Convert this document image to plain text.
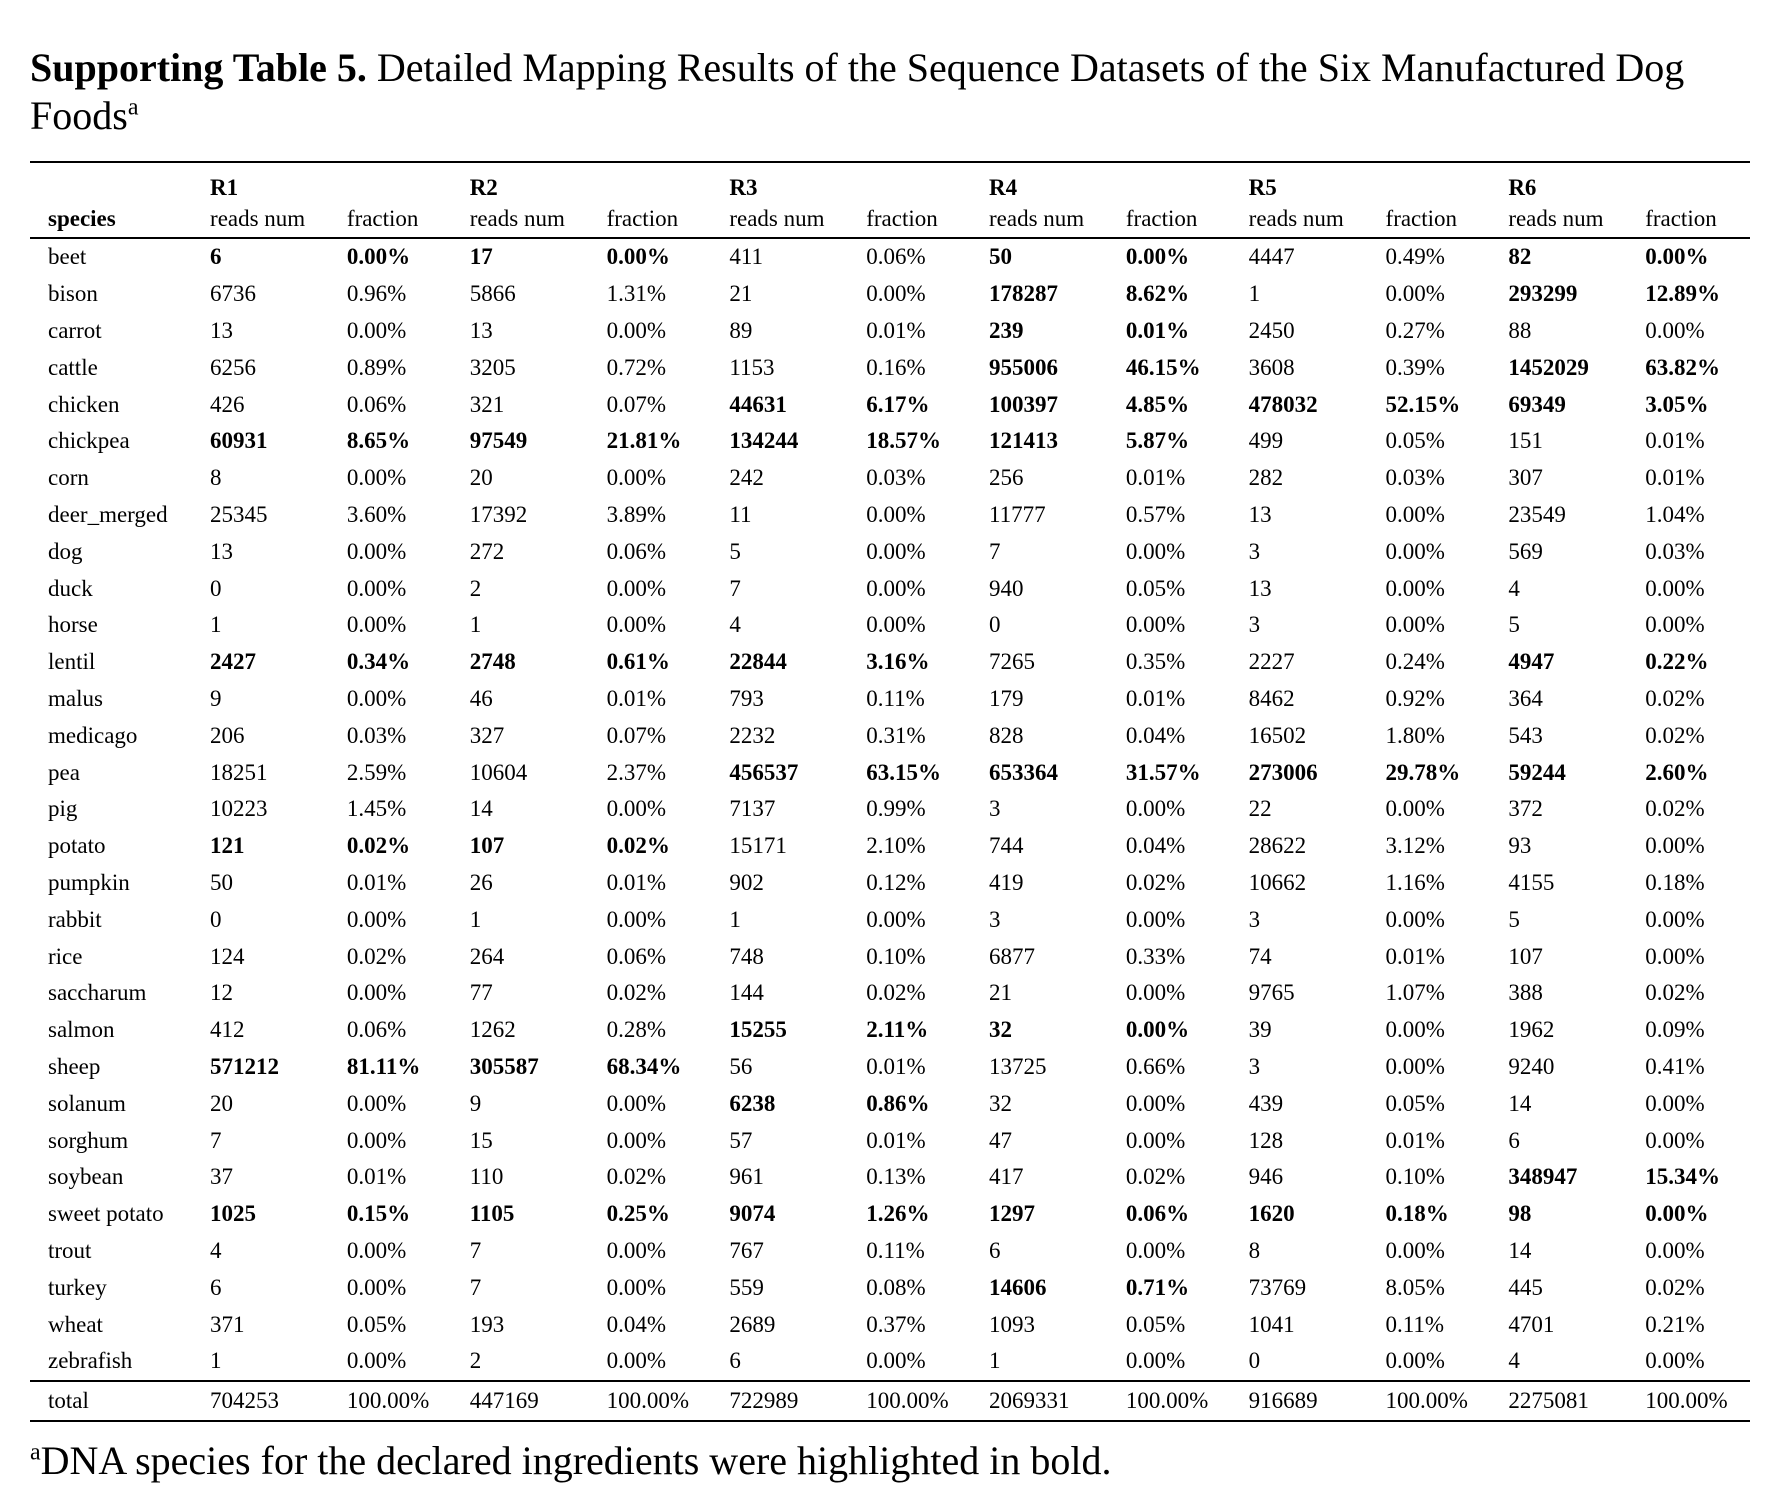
Supporting Table 5. Detailed Mapping Results of the Sequence Datasets of the Six Manufactured Dog Foods$^a$
	R1		R2		R3		R4		R5		R6	
species	reads num	fraction	reads num	fraction	reads num	fraction	reads num	fraction	reads num	fraction	reads num	fraction
beet	6	0.00%	17	0.00%	411	0.06%	50	0.00%	4447	0.49%	82	0.00%
bison	6736	0.96%	5866	1.31%	21	0.00%	178287	8.62%	1	0.00%	293299	12.89%
carrot	13	0.00%	13	0.00%	89	0.01%	239	0.01%	2450	0.27%	88	0.00%
cattle	6256	0.89%	3205	0.72%	1153	0.16%	955006	46.15%	3608	0.39%	1452029	63.82%
chicken	426	0.06%	321	0.07%	44631	6.17%	100397	4.85%	478032	52.15%	69349	3.05%
chickpea	60931	8.65%	97549	21.81%	134244	18.57%	121413	5.87%	499	0.05%	151	0.01%
corn	8	0.00%	20	0.00%	242	0.03%	256	0.01%	282	0.03%	307	0.01%
deer_merged	25345	3.60%	17392	3.89%	11	0.00%	11777	0.57%	13	0.00%	23549	1.04%
dog	13	0.00%	272	0.06%	5	0.00%	7	0.00%	3	0.00%	569	0.03%
duck	0	0.00%	2	0.00%	7	0.00%	940	0.05%	13	0.00%	4	0.00%
horse	1	0.00%	1	0.00%	4	0.00%	0	0.00%	3	0.00%	5	0.00%
lentil	2427	0.34%	2748	0.61%	22844	3.16%	7265	0.35%	2227	0.24%	4947	0.22%
malus	9	0.00%	46	0.01%	793	0.11%	179	0.01%	8462	0.92%	364	0.02%
medicago	206	0.03%	327	0.07%	2232	0.31%	828	0.04%	16502	1.80%	543	0.02%
pea	18251	2.59%	10604	2.37%	456537	63.15%	653364	31.57%	273006	29.78%	59244	2.60%
pig	10223	1.45%	14	0.00%	7137	0.99%	3	0.00%	22	0.00%	372	0.02%
potato	121	0.02%	107	0.02%	15171	2.10%	744	0.04%	28622	3.12%	93	0.00%
pumpkin	50	0.01%	26	0.01%	902	0.12%	419	0.02%	10662	1.16%	4155	0.18%
rabbit	0	0.00%	1	0.00%	1	0.00%	3	0.00%	3	0.00%	5	0.00%
rice	124	0.02%	264	0.06%	748	0.10%	6877	0.33%	74	0.01%	107	0.00%
saccharum	12	0.00%	77	0.02%	144	0.02%	21	0.00%	9765	1.07%	388	0.02%
salmon	412	0.06%	1262	0.28%	15255	2.11%	32	0.00%	39	0.00%	1962	0.09%
sheep	571212	81.11%	305587	68.34%	56	0.01%	13725	0.66%	3	0.00%	9240	0.41%
solanum	20	0.00%	9	0.00%	6238	0.86%	32	0.00%	439	0.05%	14	0.00%
sorghum	7	0.00%	15	0.00%	57	0.01%	47	0.00%	128	0.01%	6	0.00%
soybean	37	0.01%	110	0.02%	961	0.13%	417	0.02%	946	0.10%	348947	15.34%
sweet potato	1025	0.15%	1105	0.25%	9074	1.26%	1297	0.06%	1620	0.18%	98	0.00%
trout	4	0.00%	7	0.00%	767	0.11%	6	0.00%	8	0.00%	14	0.00%
turkey	6	0.00%	7	0.00%	559	0.08%	14606	0.71%	73769	8.05%	445	0.02%
wheat	371	0.05%	193	0.04%	2689	0.37%	1093	0.05%	1041	0.11%	4701	0.21%
zebrafish	1	0.00%	2	0.00%	6	0.00%	1	0.00%	0	0.00%	4	0.00%
total	704253	100.00%	447169	100.00%	722989	100.00%	2069331	100.00%	916689	100.00%	2275081	100.00%
$^a$DNA species for the declared ingredients were highlighted in bold.
